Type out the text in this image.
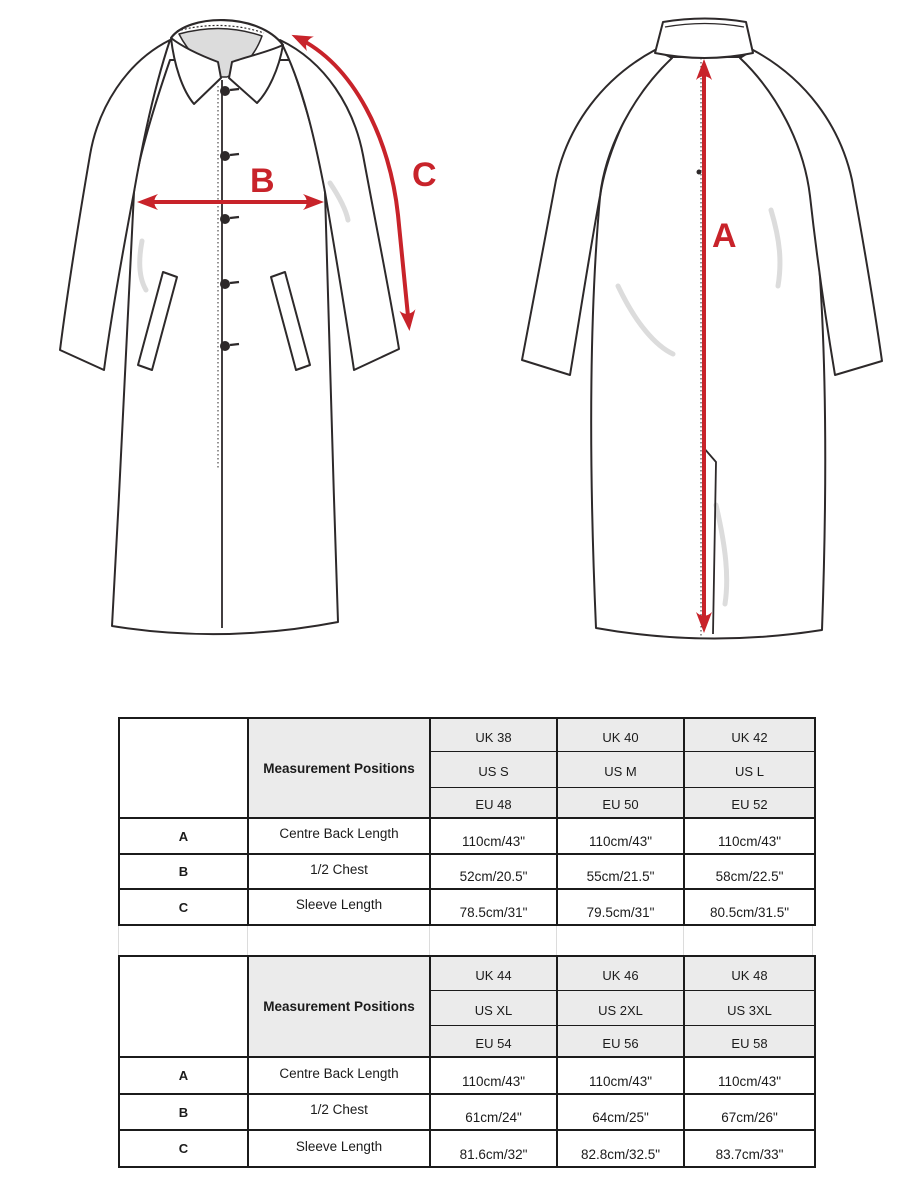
B	C
A
	Measurement Positions	UK 38	UK 40	UK 42
		US S	US M	US L
		EU 48	EU 50	EU 52
A	Centre Back Length	110cm/43"	110cm/43"	110cm/43"
B	1/2 Chest	52cm/20.5"	55cm/21.5"	58cm/22.5"
C	Sleeve Length	78.5cm/31"	79.5cm/31"	80.5cm/31.5"
	Measurement Positions	UK 44	UK 46	UK 48
		US XL	US 2XL	US 3XL
		EU 54	EU 56	EU 58
A	Centre Back Length	110cm/43"	110cm/43"	110cm/43"
B	1/2 Chest	61cm/24"	64cm/25"	67cm/26"
C	Sleeve Length	81.6cm/32"	82.8cm/32.5"	83.7cm/33"
